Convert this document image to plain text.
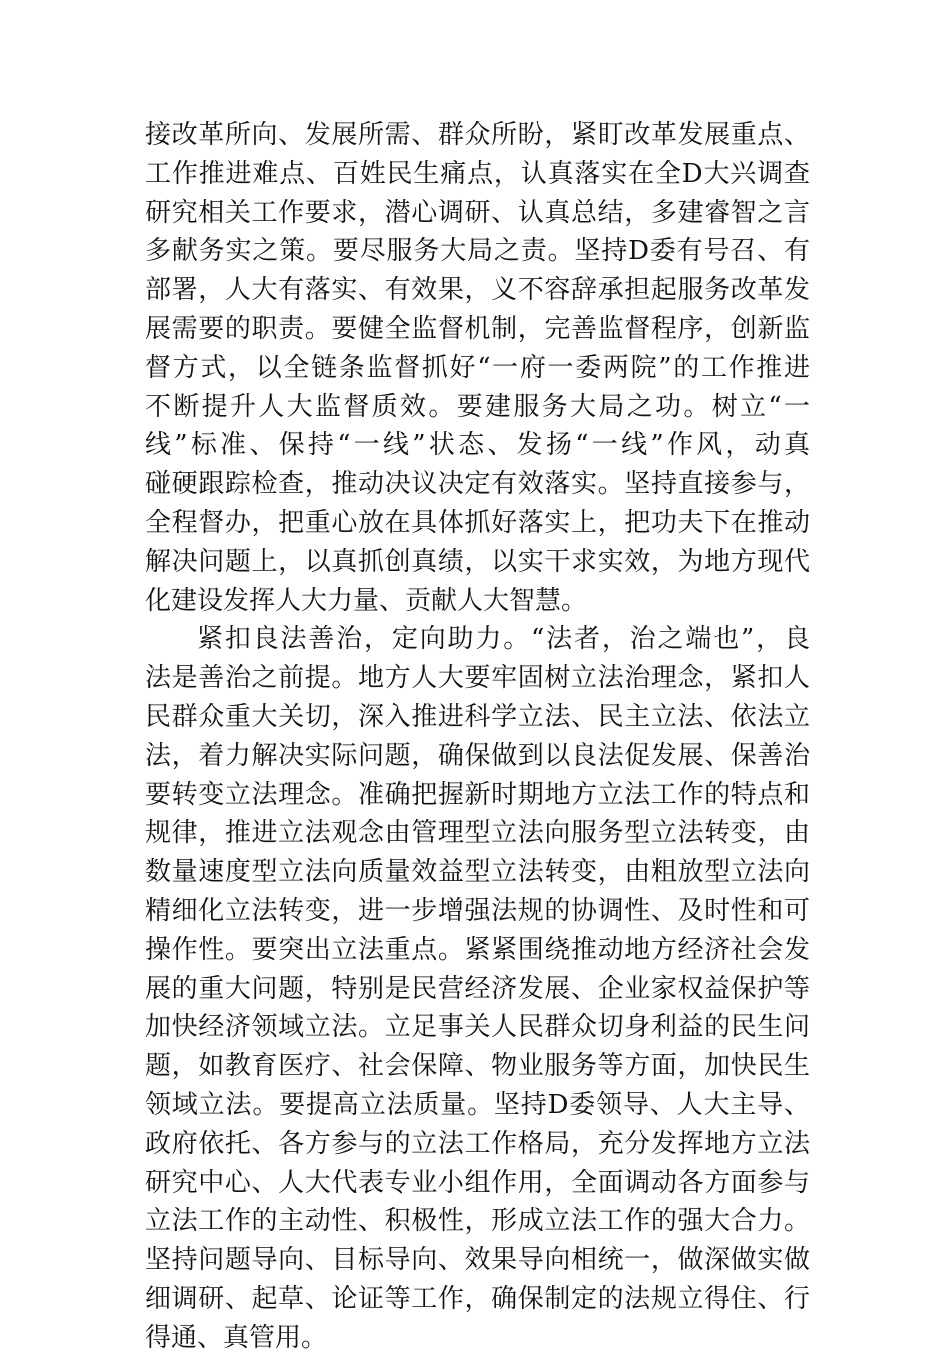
接改革所向、发展所需、群众所盼，紧盯改革发展重点、
工作推进难点、百姓民生痛点，认真落实在全D大兴调查
研究相关工作要求，潜心调研、认真总结，多建睿智之言
多献务实之策。要尽服务大局之责。坚持D委有号召、有
部署，人大有落实、有效果，义不容辞承担起服务改革发
展需要的职责。要健全监督机制，完善监督程序，创新监
督方式，以全链条监督抓好“一府一委两院”的工作推进
不断提升人大监督质效。要建服务大局之功。树立“一
线”标准、保持“一线”状态、发扬“一线”作风，动真
碰硬跟踪检查，推动决议决定有效落实。坚持直接参与，
全程督办，把重心放在具体抓好落实上，把功夫下在推动
解决问题上，以真抓创真绩，以实干求实效，为地方现代
化建设发挥人大力量、贡献人大智慧。
紧扣良法善治，定向助力。“法者，治之端也”，良
法是善治之前提。地方人大要牢固树立法治理念，紧扣人
民群众重大关切，深入推进科学立法、民主立法、依法立
法，着力解决实际问题，确保做到以良法促发展、保善治
要转变立法理念。准确把握新时期地方立法工作的特点和
规律，推进立法观念由管理型立法向服务型立法转变，由
数量速度型立法向质量效益型立法转变，由粗放型立法向
精细化立法转变，进一步增强法规的协调性、及时性和可
操作性。要突出立法重点。紧紧围绕推动地方经济社会发
展的重大问题，特别是民营经济发展、企业家权益保护等
加快经济领域立法。立足事关人民群众切身利益的民生问
题，如教育医疗、社会保障、物业服务等方面，加快民生
领域立法。要提高立法质量。坚持D委领导、人大主导、
政府依托、各方参与的立法工作格局，充分发挥地方立法
研究中心、人大代表专业小组作用，全面调动各方面参与
立法工作的主动性、积极性，形成立法工作的强大合力。
坚持问题导向、目标导向、效果导向相统一，做深做实做
细调研、起草、论证等工作，确保制定的法规立得住、行
得通、真管用。
